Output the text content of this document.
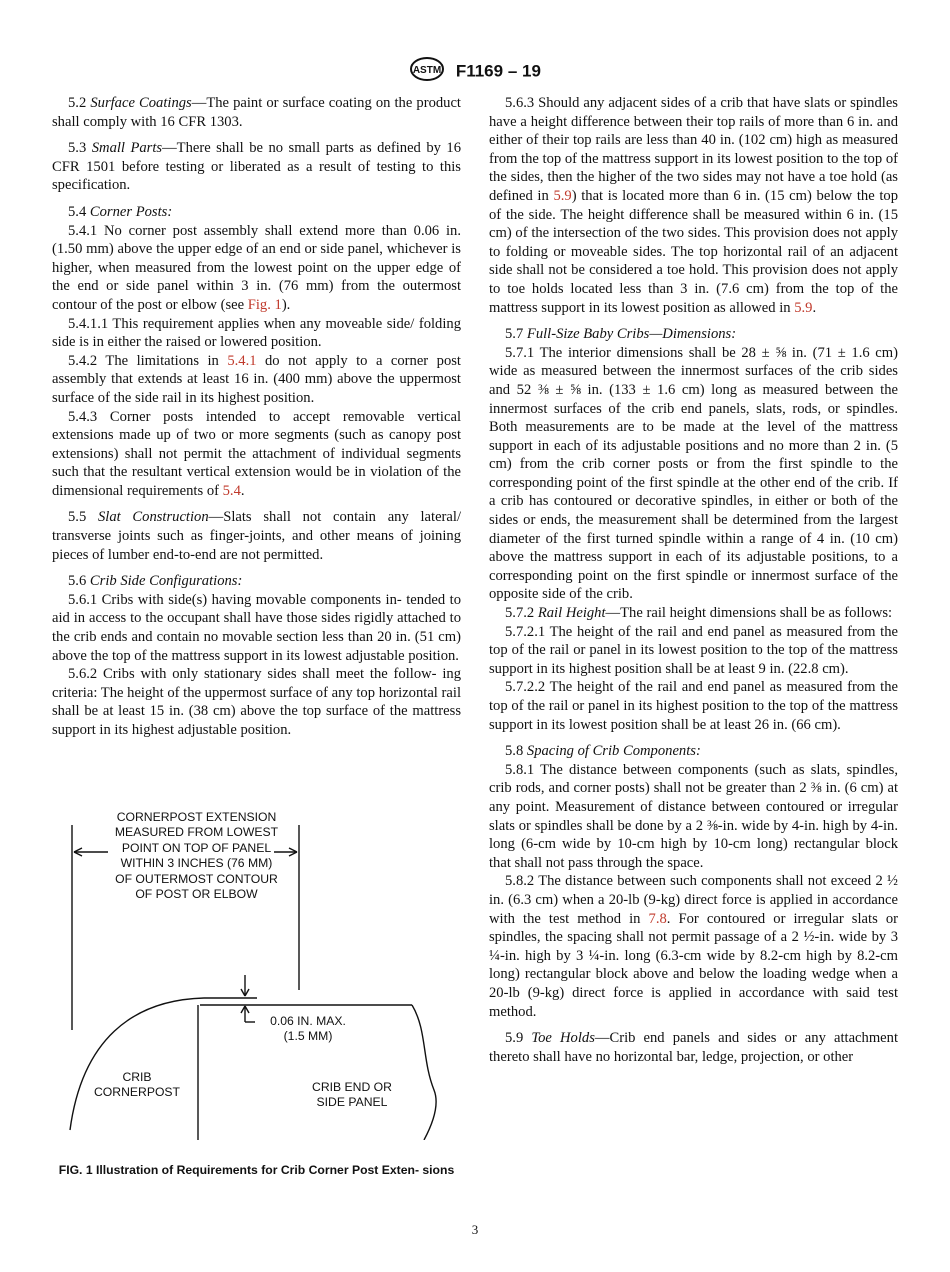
ASTM F1169 – 19

5.2 Surface Coatings—The paint or surface coating on the product shall comply with 16 CFR 1303.

5.3 Small Parts—There shall be no small parts as defined by 16 CFR 1501 before testing or liberated as a result of testing to this specification.

5.4 Corner Posts:

5.4.1 No corner post assembly shall extend more than 0.06 in. (1.50 mm) above the upper edge of an end or side panel, whichever is higher, when measured from the lowest point on the upper edge of the end or side panel within 3 in. (76 mm) from the outermost contour of the post or elbow (see Fig. 1).

5.4.1.1 This requirement applies when any moveable side/ folding side is in either the raised or lowered position.

5.4.2 The limitations in 5.4.1 do not apply to a corner post assembly that extends at least 16 in. (400 mm) above the uppermost surface of the side rail in its highest position.

5.4.3 Corner posts intended to accept removable vertical extensions made up of two or more segments (such as canopy post extensions) shall not permit the attachment of individual segments such that the resultant vertical extension would be in violation of the dimensional requirements of 5.4.

5.5 Slat Construction—Slats shall not contain any lateral/ transverse joints such as finger-joints, and other means of joining pieces of lumber end-to-end are not permitted.

5.6 Crib Side Configurations:

5.6.1 Cribs with side(s) having movable components in- tended to aid in access to the occupant shall have those sides rigidly attached to the crib ends and contain no movable section less than 20 in. (51 cm) above the top of the mattress support in its lowest adjustable position.

5.6.2 Cribs with only stationary sides shall meet the follow- ing criteria: The height of the uppermost surface of any top horizontal rail shall be at least 15 in. (38 cm) above the top surface of the mattress support in its highest adjustable position.

CORNERPOST EXTENSION
MEASURED FROM LOWEST
POINT ON TOP OF PANEL
WITHIN 3 INCHES (76 MM)
OF OUTERMOST CONTOUR
OF POST OR ELBOW
0.06 IN. MAX.
(1.5 MM)
CRIB
CORNERPOST	CRIB END OR
SIDE PANEL
FIG. 1 Illustration of Requirements for Crib Corner Post Exten- sions

5.6.3 Should any adjacent sides of a crib that have slats or spindles have a height difference between their top rails of more than 6 in. and either of their top rails are less than 40 in. (102 cm) high as measured from the top of the mattress support in its lowest position to the top of the sides, then the higher of the two sides may not have a toe hold (as defined in 5.9) that is located more than 6 in. (15 cm) below the top of the side. The height difference shall be measured within 6 in. (15 cm) of the intersection of the two sides. This provision does not apply to folding or moveable sides. The top horizontal rail of an adjacent side shall not be considered a toe hold. This provision does not apply to toe holds located less than 3 in. (7.6 cm) from the top of the mattress support in its lowest position as allowed in 5.9.

5.7 Full-Size Baby Cribs—Dimensions:

5.7.1 The interior dimensions shall be 28 ± ⅝ in. (71 ± 1.6 cm) wide as measured between the innermost surfaces of the crib sides and 52 ⅜ ± ⅝ in. (133 ± 1.6 cm) long as measured between the innermost surfaces of the crib end panels, slats, rods, or spindles. Both measurements are to be made at the level of the mattress support in each of its adjustable positions and no more than 2 in. (5 cm) from the crib corner posts or from the first spindle to the corresponding point of the first spindle at the other end of the crib. If a crib has contoured or decorative spindles, in either or both of the sides or ends, the measurement shall be determined from the largest diameter of the first turned spindle within a range of 4 in. (10 cm) above the mattress support in each of its adjustable positions, to a corresponding point on the first spindle or innermost surface of the opposite side of the crib.

5.7.2 Rail Height—The rail height dimensions shall be as follows:

5.7.2.1 The height of the rail and end panel as measured from the top of the rail or panel in its lowest position to the top of the mattress support in its highest position shall be at least 9 in. (22.8 cm).

5.7.2.2 The height of the rail and end panel as measured from the top of the rail or panel in its highest position to the top of the mattress support in its lowest position shall be at least 26 in. (66 cm).

5.8 Spacing of Crib Components:

5.8.1 The distance between components (such as slats, spindles, crib rods, and corner posts) shall not be greater than 2 ⅜ in. (6 cm) at any point. Measurement of distance between contoured or irregular slats or spindles shall be done by a 2 ⅜-in. wide by 4-in. high by 4-in. long (6-cm wide by 10-cm high by 10-cm long) rectangular block that shall not pass through the space.

5.8.2 The distance between such components shall not exceed 2 ½ in. (6.3 cm) when a 20-lb (9-kg) direct force is applied in accordance with the test method in 7.8. For contoured or irregular slats or spindles, the spacing shall not permit passage of a 2 ½-in. wide by 3 ¼-in. high by 3 ¼-in. long (6.3-cm wide by 8.2-cm high by 8.2-cm long) rectangular block above and below the loading wedge when a 20-lb (9-kg) direct force is applied in accordance with said test method.

5.9 Toe Holds—Crib end panels and sides or any attachment thereto shall have no horizontal bar, ledge, projection, or other

3
